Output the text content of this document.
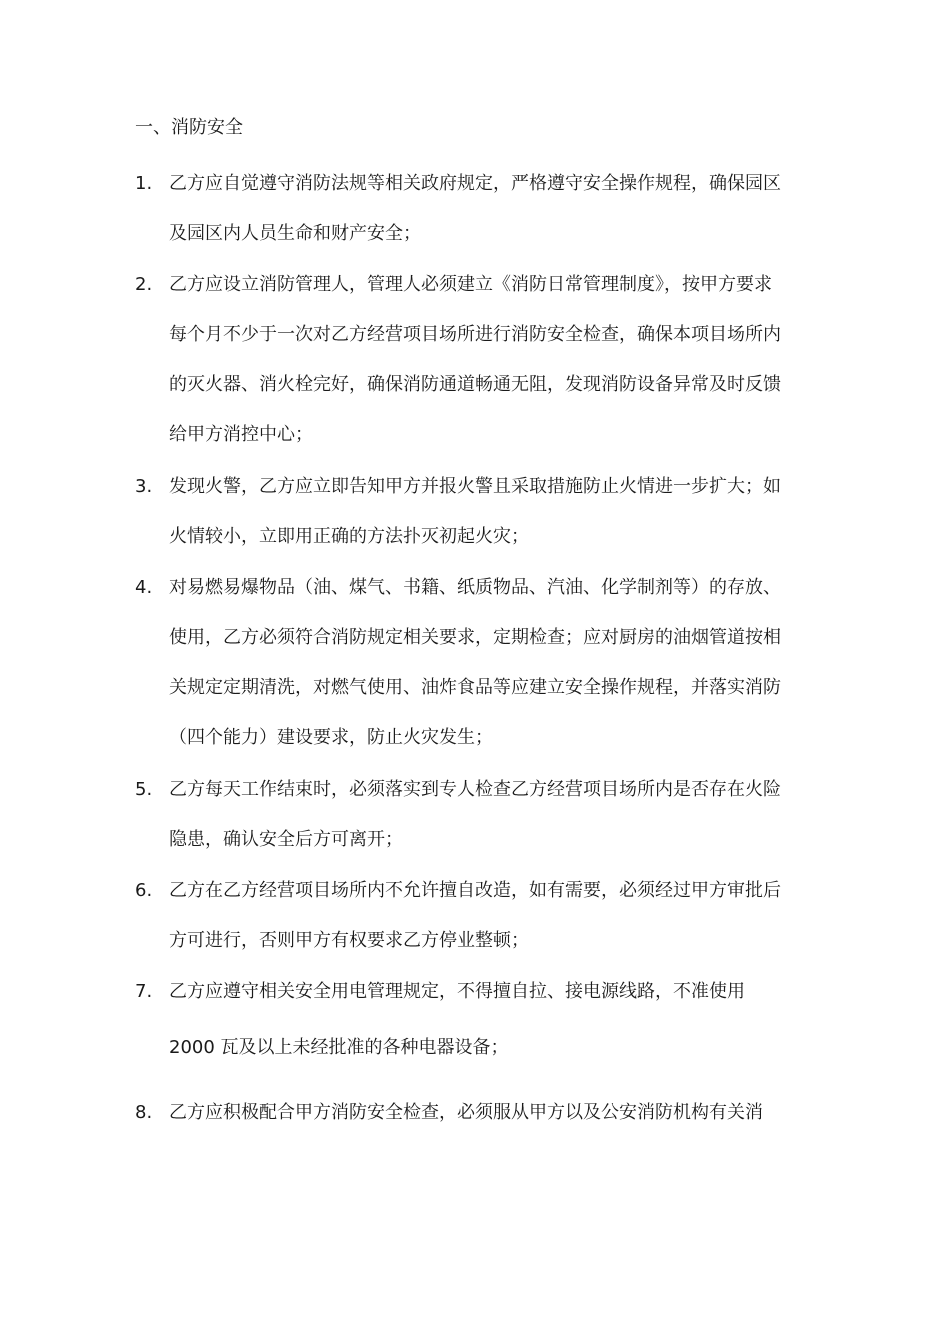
一、消防安全
1. 乙方应自觉遵守消防法规等相关政府规定，严格遵守安全操作规程，确保园区
及园区内人员生命和财产安全；
2. 乙方应设立消防管理人，管理人必须建立《消防日常管理制度》，按甲方要求
每个月不少于一次对乙方经营项目场所进行消防安全检查，确保本项目场所内
的灭火器、消火栓完好，确保消防通道畅通无阻，发现消防设备异常及时反馈
给甲方消控中心；
3. 发现火警，乙方应立即告知甲方并报火警且采取措施防止火情进一步扩大；如
火情较小，立即用正确的方法扑灭初起火灾；
4. 对易燃易爆物品（油、煤气、书籍、纸质物品、汽油、化学制剂等）的存放、
使用，乙方必须符合消防规定相关要求，定期检查；应对厨房的油烟管道按相
关规定定期清洗，对燃气使用、油炸食品等应建立安全操作规程，并落实消防
（四个能力）建设要求，防止火灾发生；
5. 乙方每天工作结束时，必须落实到专人检查乙方经营项目场所内是否存在火险
隐患，确认安全后方可离开；
6. 乙方在乙方经营项目场所内不允许擅自改造，如有需要，必须经过甲方审批后
方可进行，否则甲方有权要求乙方停业整顿；
7. 乙方应遵守相关安全用电管理规定，不得擅自拉、接电源线路，不准使用
2000 瓦及以上未经批准的各种电器设备；
8. 乙方应积极配合甲方消防安全检查，必须服从甲方以及公安消防机构有关消
